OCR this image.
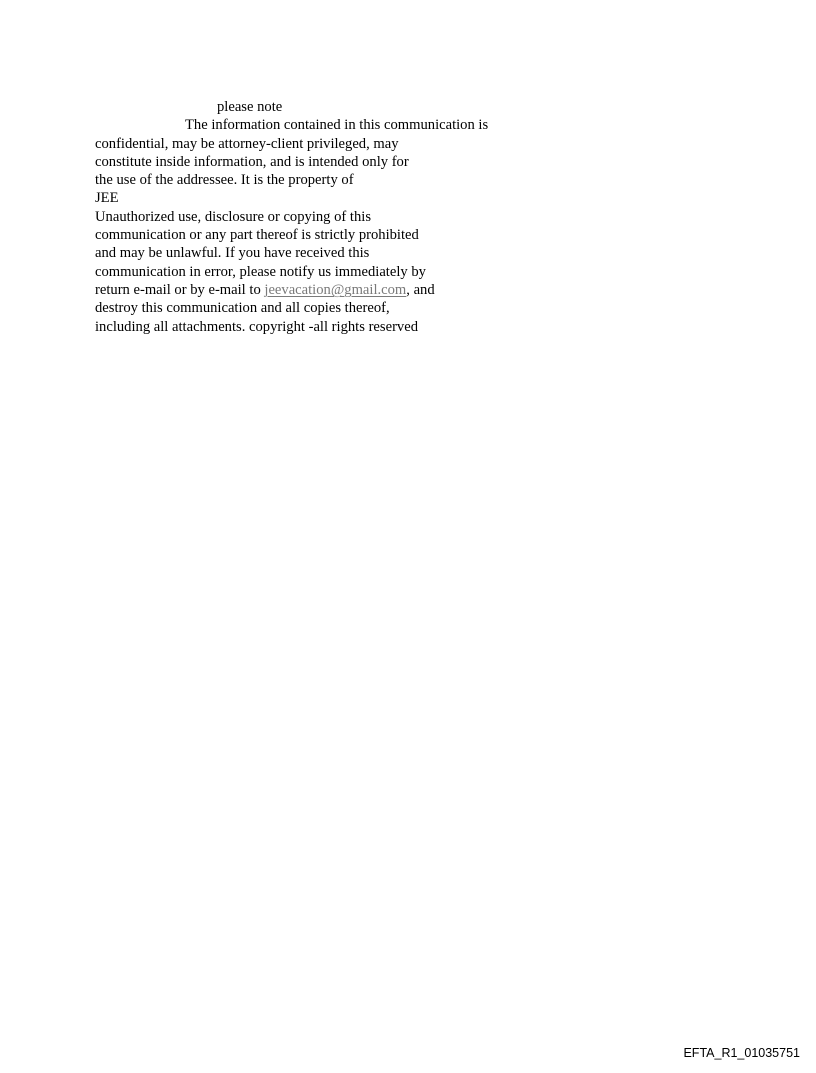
please note
The information contained in this communication is
confidential, may be attorney-client privileged, may
constitute inside information, and is intended only for
the use of the addressee. It is the property of
JEE
Unauthorized use, disclosure or copying of this
communication or any part thereof is strictly prohibited
and may be unlawful. If you have received this
communication in error, please notify us immediately by
return e-mail or by e-mail to jeevacation@gmail.com, and
destroy this communication and all copies thereof,
including all attachments. copyright -all rights reserved
EFTA_R1_01035751
